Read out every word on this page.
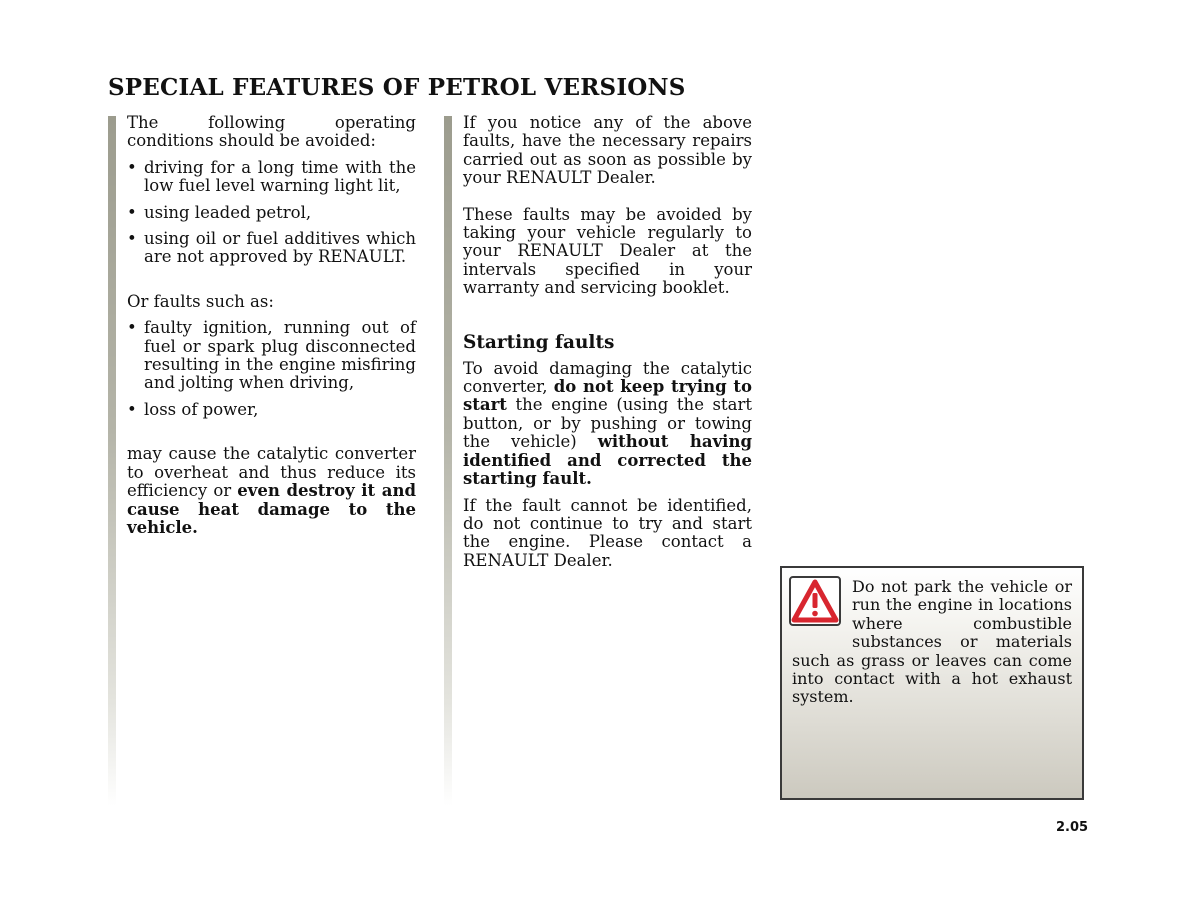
SPECIAL FEATURES OF PETROL VERSIONS

The following operating conditions should be avoided:

• driving for a long time with the low fuel level warning light lit,
• using leaded petrol,
• using oil or fuel additives which are not approved by RENAULT.

Or faults such as:

• faulty ignition, running out of fuel or spark plug disconnected resulting in the engine misfiring and jolting when driving,
• loss of power,

may cause the catalytic converter to overheat and thus reduce its efficiency or even destroy it and cause heat damage to the vehicle.

If you notice any of the above faults, have the necessary repairs carried out as soon as possible by your RENAULT Dealer.

These faults may be avoided by taking your vehicle regularly to your RENAULT Dealer at the intervals specified in your warranty and servicing booklet.

Starting faults

To avoid damaging the catalytic converter, do not keep trying to start the engine (using the start button, or by pushing or towing the vehicle) without having identified and corrected the starting fault.

If the fault cannot be identified, do not continue to try and start the engine. Please contact a RENAULT Dealer.

Do not park the vehicle or run the engine in locations where combustible substances or materials such as grass or leaves can come into contact with a hot exhaust system.
2.05
